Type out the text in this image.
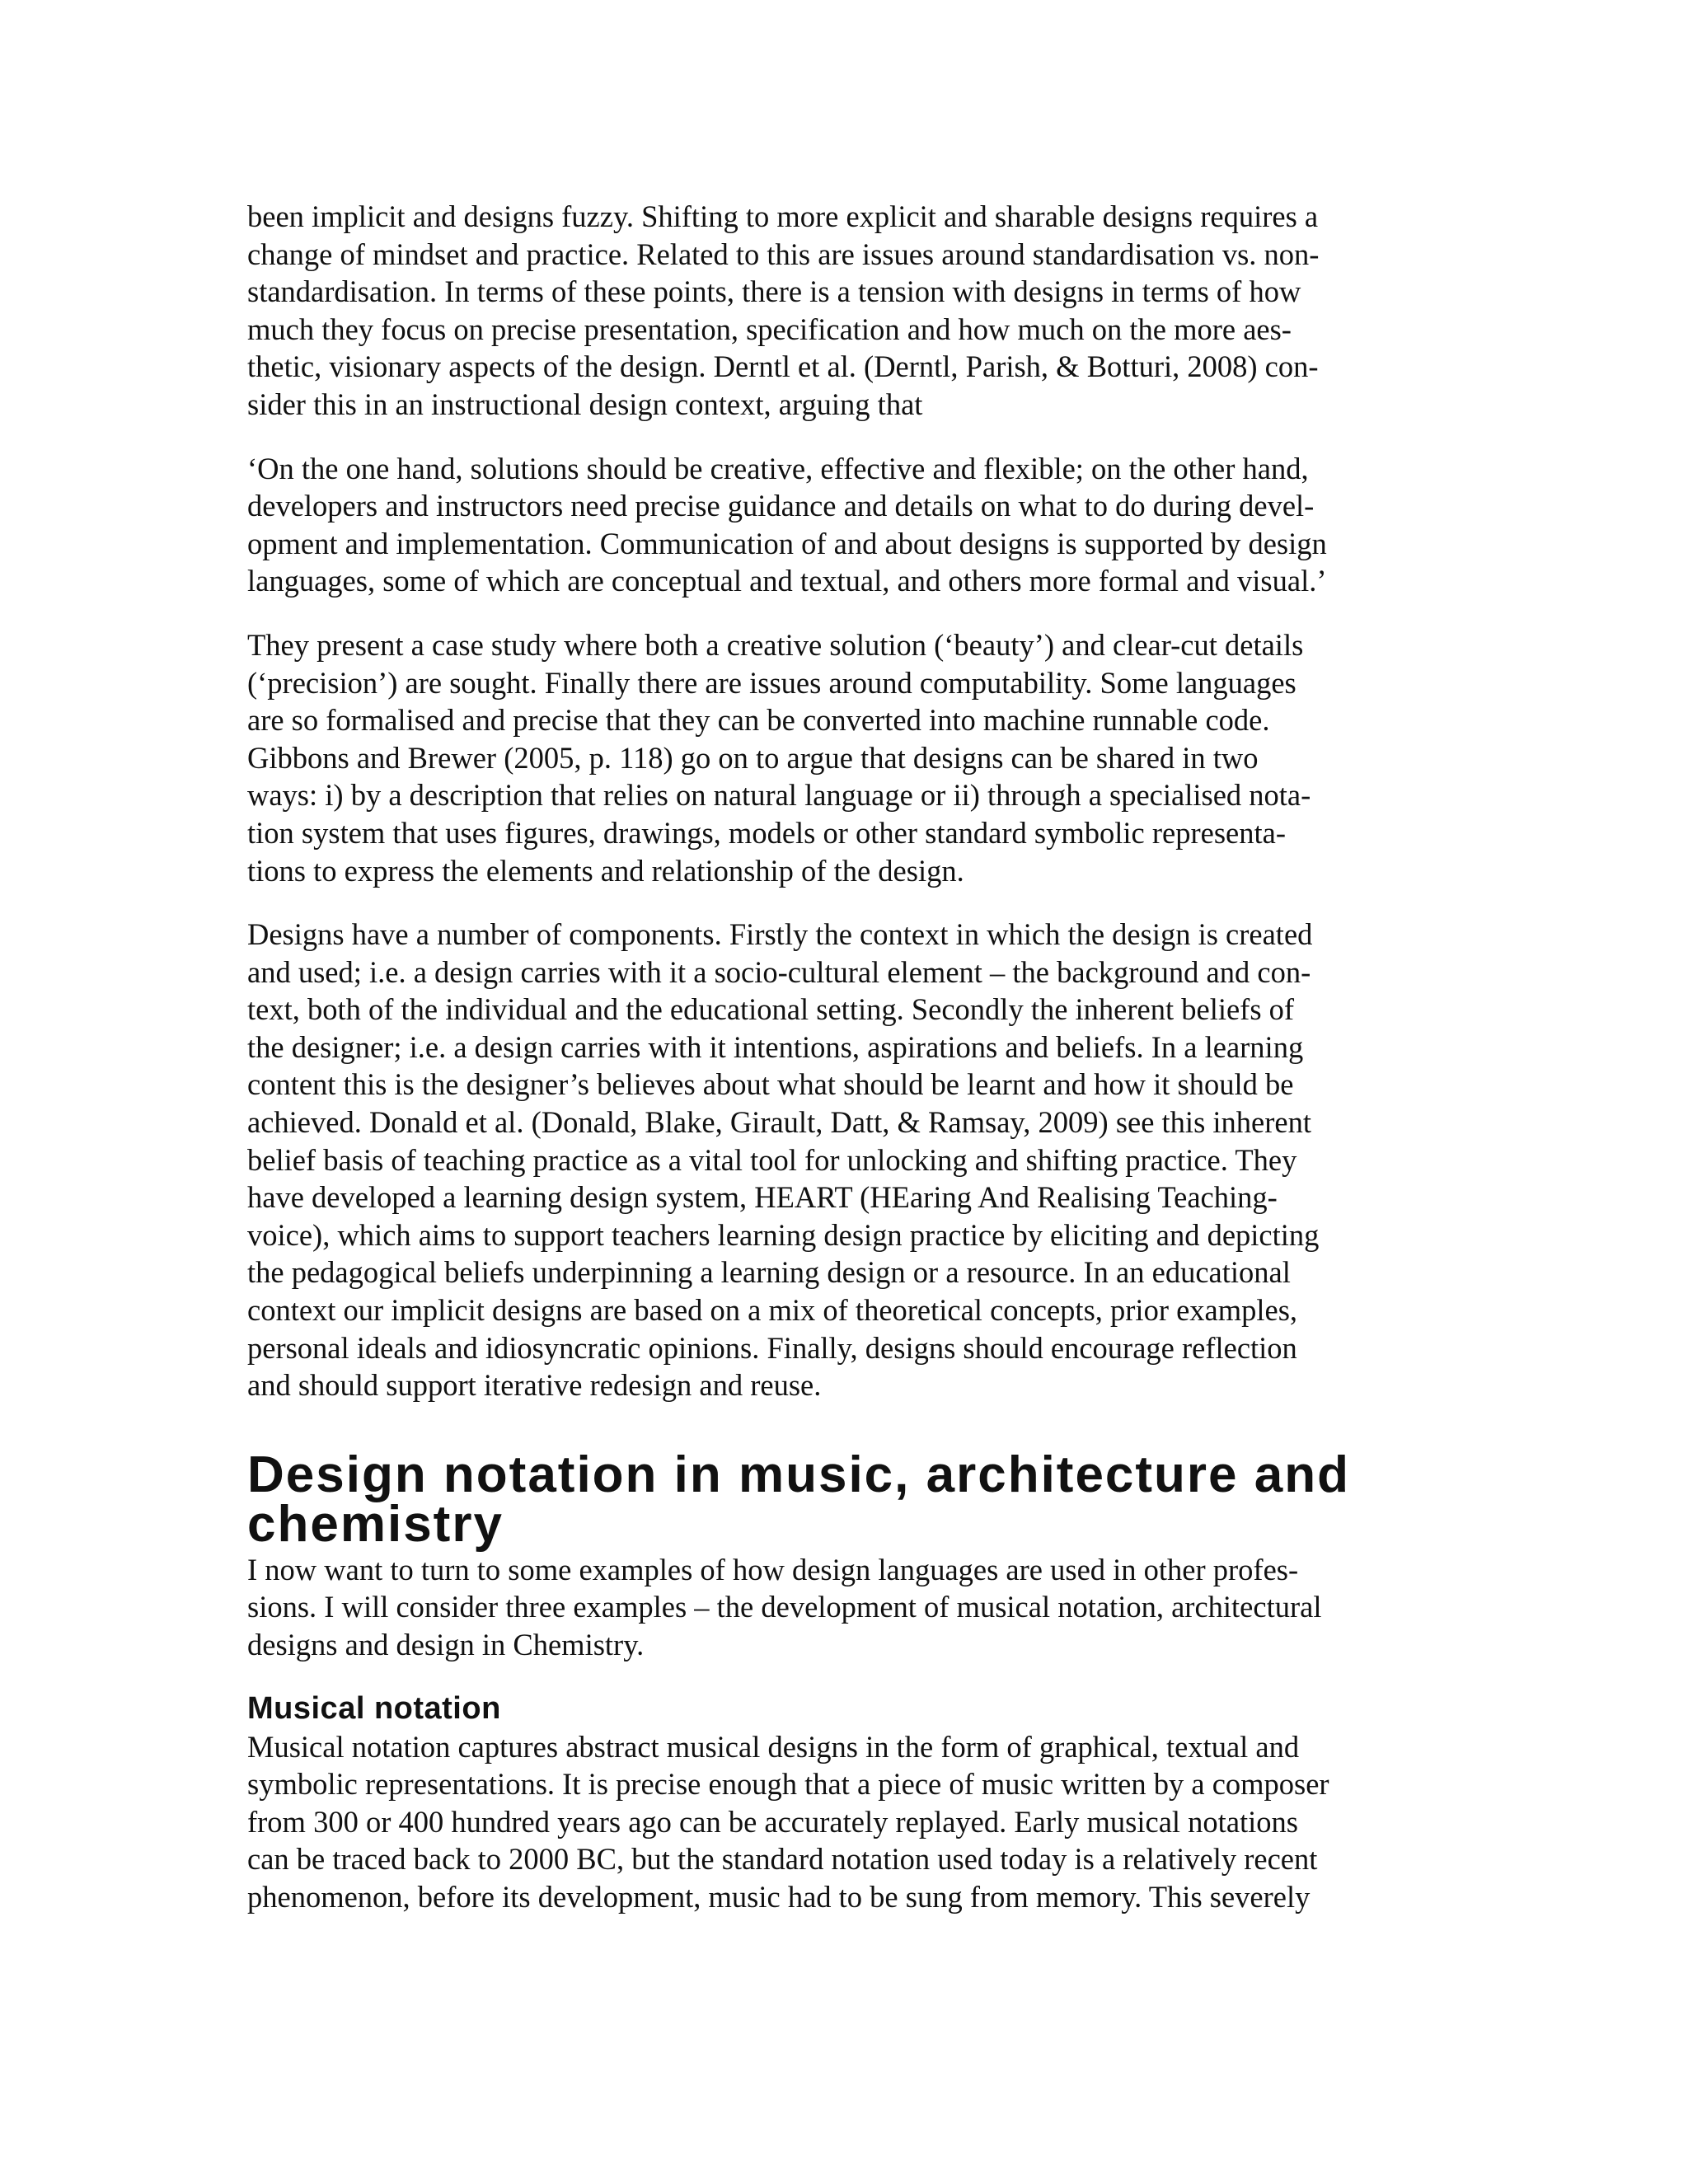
been implicit and designs fuzzy. Shifting to more explicit and sharable designs requires a
change of mindset and practice. Related to this are issues around standardisation vs. non-
standardisation. In terms of these points, there is a tension with designs in terms of how
much they focus on precise presentation, specification and how much on the more aes-
thetic, visionary aspects of the design. Derntl et al. (Derntl, Parish, & Botturi, 2008) con-
sider this in an instructional design context, arguing that

‘On the one hand, solutions should be creative, effective and flexible; on the other hand,
developers and instructors need precise guidance and details on what to do during devel-
opment and implementation. Communication of and about designs is supported by design
languages, some of which are conceptual and textual, and others more formal and visual.’

They present a case study where both a creative solution (‘beauty’) and clear-cut details
(‘precision’) are sought. Finally there are issues around computability. Some languages
are so formalised and precise that they can be converted into machine runnable code.
Gibbons and Brewer (2005, p. 118) go on to argue that designs can be shared in two
ways: i) by a description that relies on natural language or ii) through a specialised nota-
tion system that uses figures, drawings, models or other standard symbolic representa-
tions to express the elements and relationship of the design.

Designs have a number of components. Firstly the context in which the design is created
and used; i.e. a design carries with it a socio-cultural element – the background and con-
text, both of the individual and the educational setting. Secondly the inherent beliefs of
the designer; i.e. a design carries with it intentions, aspirations and beliefs. In a learning
content this is the designer’s believes about what should be learnt and how it should be
achieved. Donald et al. (Donald, Blake, Girault, Datt, & Ramsay, 2009) see this inherent
belief basis of teaching practice as a vital tool for unlocking and shifting practice. They
have developed a learning design system, HEART (HEaring And Realising Teaching-
voice), which aims to support teachers learning design practice by eliciting and depicting
the pedagogical beliefs underpinning a learning design or a resource. In an educational
context our implicit designs are based on a mix of theoretical concepts, prior examples,
personal ideals and idiosyncratic opinions. Finally, designs should encourage reflection
and should support iterative redesign and reuse.

Design notation in music, architecture and
chemistry

I now want to turn to some examples of how design languages are used in other profes-
sions. I will consider three examples – the development of musical notation, architectural
designs and design in Chemistry.

Musical notation

Musical notation captures abstract musical designs in the form of graphical, textual and
symbolic representations. It is precise enough that a piece of music written by a composer
from 300 or 400 hundred years ago can be accurately replayed. Early musical notations
can be traced back to 2000 BC, but the standard notation used today is a relatively recent
phenomenon, before its development, music had to be sung from memory. This severely
